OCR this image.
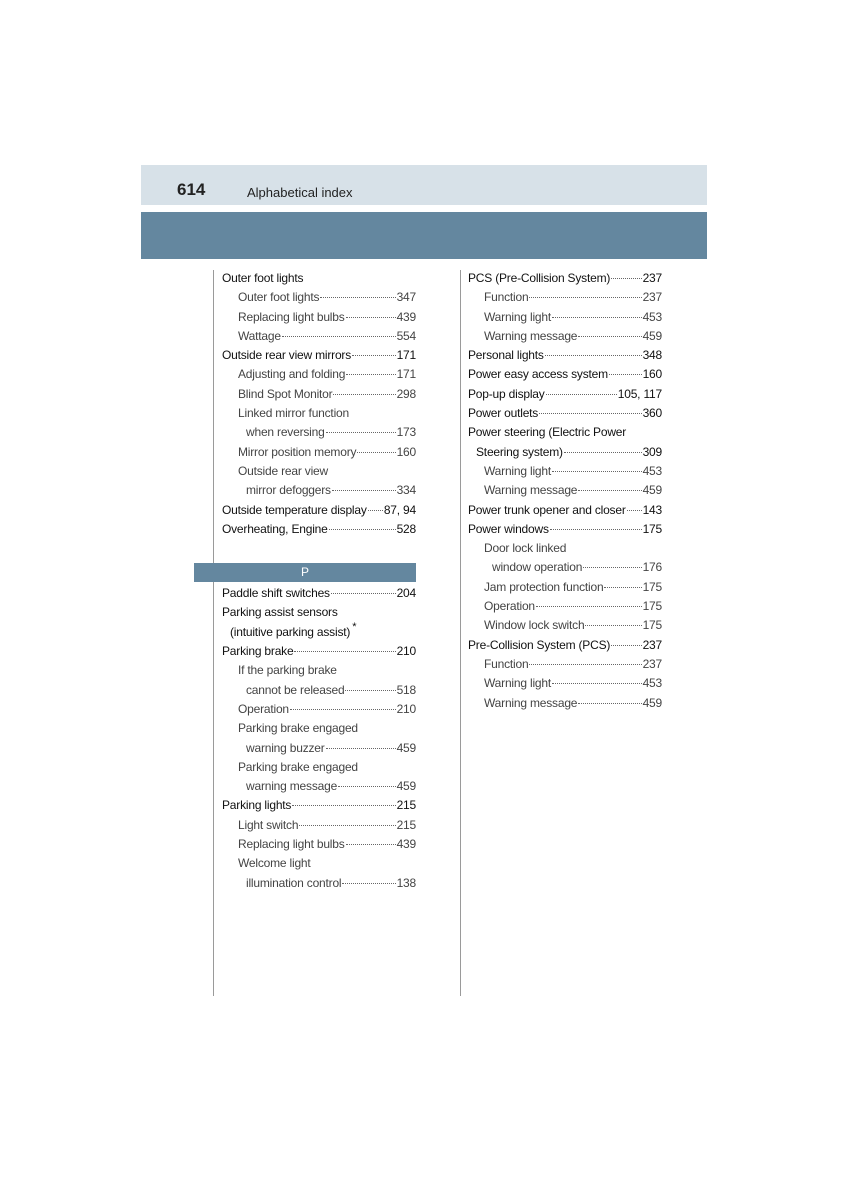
614	Alphabetical index
Outer foot lights
Outer foot lights	347
Replacing light bulbs	439
Wattage	554
Outside rear view mirrors	171
Adjusting and folding	171
Blind Spot Monitor	298
Linked mirror function
when reversing	173
Mirror position memory	160
Outside rear view
mirror defoggers	334
Outside temperature display 87, 94
Overheating, Engine	528
P
Paddle shift switches	204
Parking assist sensors
(intuitive parking assist) *
Parking brake	210
If the parking brake
cannot be released	518
Operation	210
Parking brake engaged
warning buzzer	459
Parking brake engaged
warning message	459
Parking lights	215
Light switch	215
Replacing light bulbs	439
Welcome light
illumination control	138
PCS (Pre-Collision System)	237
Function	237
Warning light	453
Warning message	459
Personal lights	348
Power easy access system	160
Pop-up display	105, 117
Power outlets	360
Power steering (Electric Power
Steering system)	309
Warning light	453
Warning message	459
Power trunk opener and closer 143
Power windows	175
Door lock linked
window operation	176
Jam protection function	175
Operation	175
Window lock switch	175
Pre-Collision System (PCS)	237
Function	237
Warning light	453
Warning message	459
